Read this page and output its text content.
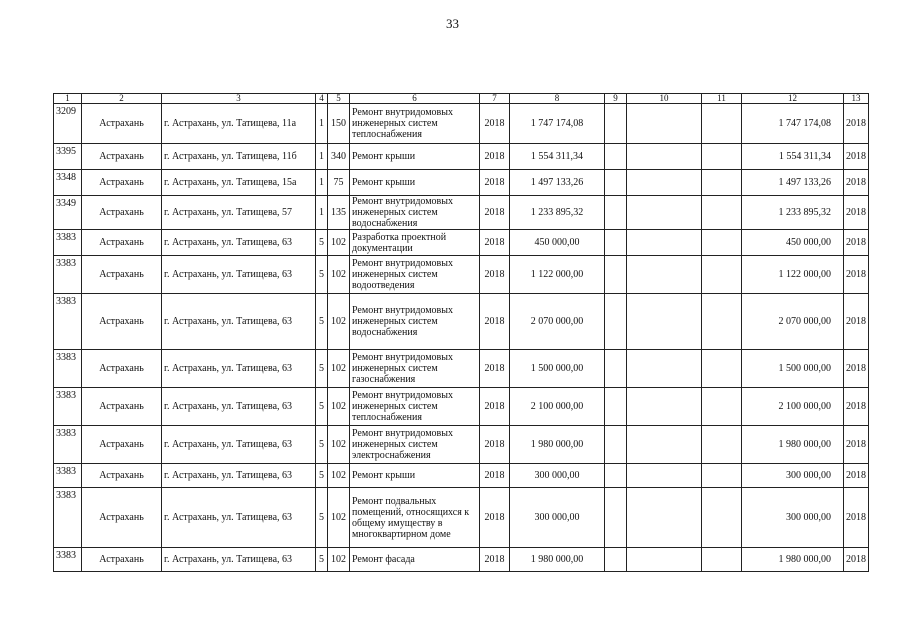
33
1	2	3	4	5	6	7	8	9	10	11	12	13
3209	Астрахань	г. Астрахань, ул. Татищева, 11а	1	150	Ремонт внутридомовых инженерных систем теплоснабжения	2018	1 747 174,08				1 747 174,08	2018
3395	Астрахань	г. Астрахань, ул. Татищева, 11б	1	340	Ремонт крыши	2018	1 554 311,34				1 554 311,34	2018
3348	Астрахань	г. Астрахань, ул. Татищева, 15а	1	75	Ремонт крыши	2018	1 497 133,26				1 497 133,26	2018
3349	Астрахань	г. Астрахань, ул. Татищева, 57	1	135	Ремонт внутридомовых инженерных систем водоснабжения	2018	1 233 895,32				1 233 895,32	2018
3383	Астрахань	г. Астрахань, ул. Татищева, 63	5	102	Разработка проектной документации	2018	450 000,00				450 000,00	2018
3383	Астрахань	г. Астрахань, ул. Татищева, 63	5	102	Ремонт внутридомовых инженерных систем водоотведения	2018	1 122 000,00				1 122 000,00	2018
3383	Астрахань	г. Астрахань, ул. Татищева, 63	5	102	Ремонт внутридомовых инженерных систем водоснабжения	2018	2 070 000,00				2 070 000,00	2018
3383	Астрахань	г. Астрахань, ул. Татищева, 63	5	102	Ремонт внутридомовых инженерных систем газоснабжения	2018	1 500 000,00				1 500 000,00	2018
3383	Астрахань	г. Астрахань, ул. Татищева, 63	5	102	Ремонт внутридомовых инженерных систем теплоснабжения	2018	2 100 000,00				2 100 000,00	2018
3383	Астрахань	г. Астрахань, ул. Татищева, 63	5	102	Ремонт внутридомовых инженерных систем электроснабжения	2018	1 980 000,00				1 980 000,00	2018
3383	Астрахань	г. Астрахань, ул. Татищева, 63	5	102	Ремонт крыши	2018	300 000,00				300 000,00	2018
3383	Астрахань	г. Астрахань, ул. Татищева, 63	5	102	Ремонт подвальных помещений, относящихся к общему имуществу в многоквартирном доме	2018	300 000,00				300 000,00	2018
3383	Астрахань	г. Астрахань, ул. Татищева, 63	5	102	Ремонт фасада	2018	1 980 000,00				1 980 000,00	2018
